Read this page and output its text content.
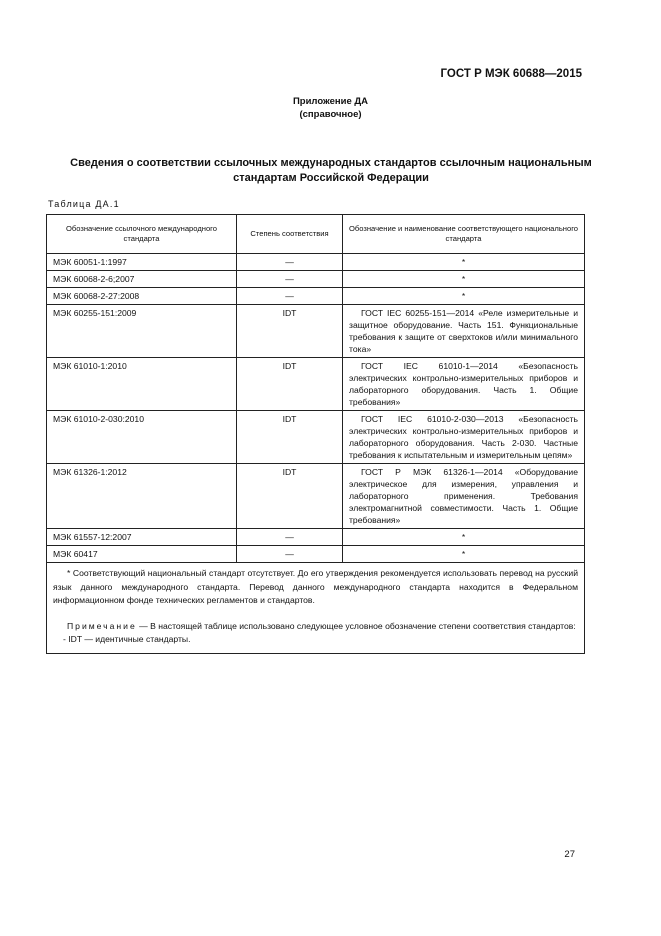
ГОСТ Р МЭК 60688—2015
Приложение ДА
(справочное)
Сведения о соответствии ссылочных международных стандартов ссылочным национальным
стандартам Российской Федерации
Таблица ДА.1
Обозначение ссылочного международного стандарта	Степень соответствия	Обозначение и наименование соответствующего национального стандарта
МЭК 60051-1:1997	—	*
МЭК 60068-2-6;2007	—	*
МЭК 60068-2-27:2008	—	*
МЭК 60255-151:2009	IDT	ГОСТ IEC 60255-151—2014 «Реле измерительные и защитное оборудование. Часть 151. Функциональные требования к защите от сверхтоков и/или минимального тока»
МЭК 61010-1:2010	IDT	ГОСТ IEC 61010-1—2014 «Безопасность электрических контрольно-измерительных приборов и лабораторного оборудования. Часть 1. Общие требования»
МЭК 61010-2-030:2010	IDT	ГОСТ IEC 61010-2-030—2013 «Безопасность электрических контрольно-измерительных приборов и лабораторного оборудования. Часть 2-030. Частные требования к испытательным и измерительным цепям»
МЭК 61326-1:2012	IDT	ГОСТ Р МЭК 61326-1—2014 «Оборудование электрическое для измерения, управления и лабораторного применения. Требования электромагнитной совместимости. Часть 1. Общие требования»
МЭК 61557-12:2007	—	*
МЭК 60417	—	*

* Соответствующий национальный стандарт отсутствует. До его утверждения рекомендуется использовать перевод на русский язык данного международного стандарта. Перевод данного международного стандарта находится в Федеральном информационном фонде технических регламентов и стандартов.

Примечание — В настоящей таблице использовано следующее условное обозначение степени соответствия стандартов:

- IDT — идентичные стандарты.		

27
